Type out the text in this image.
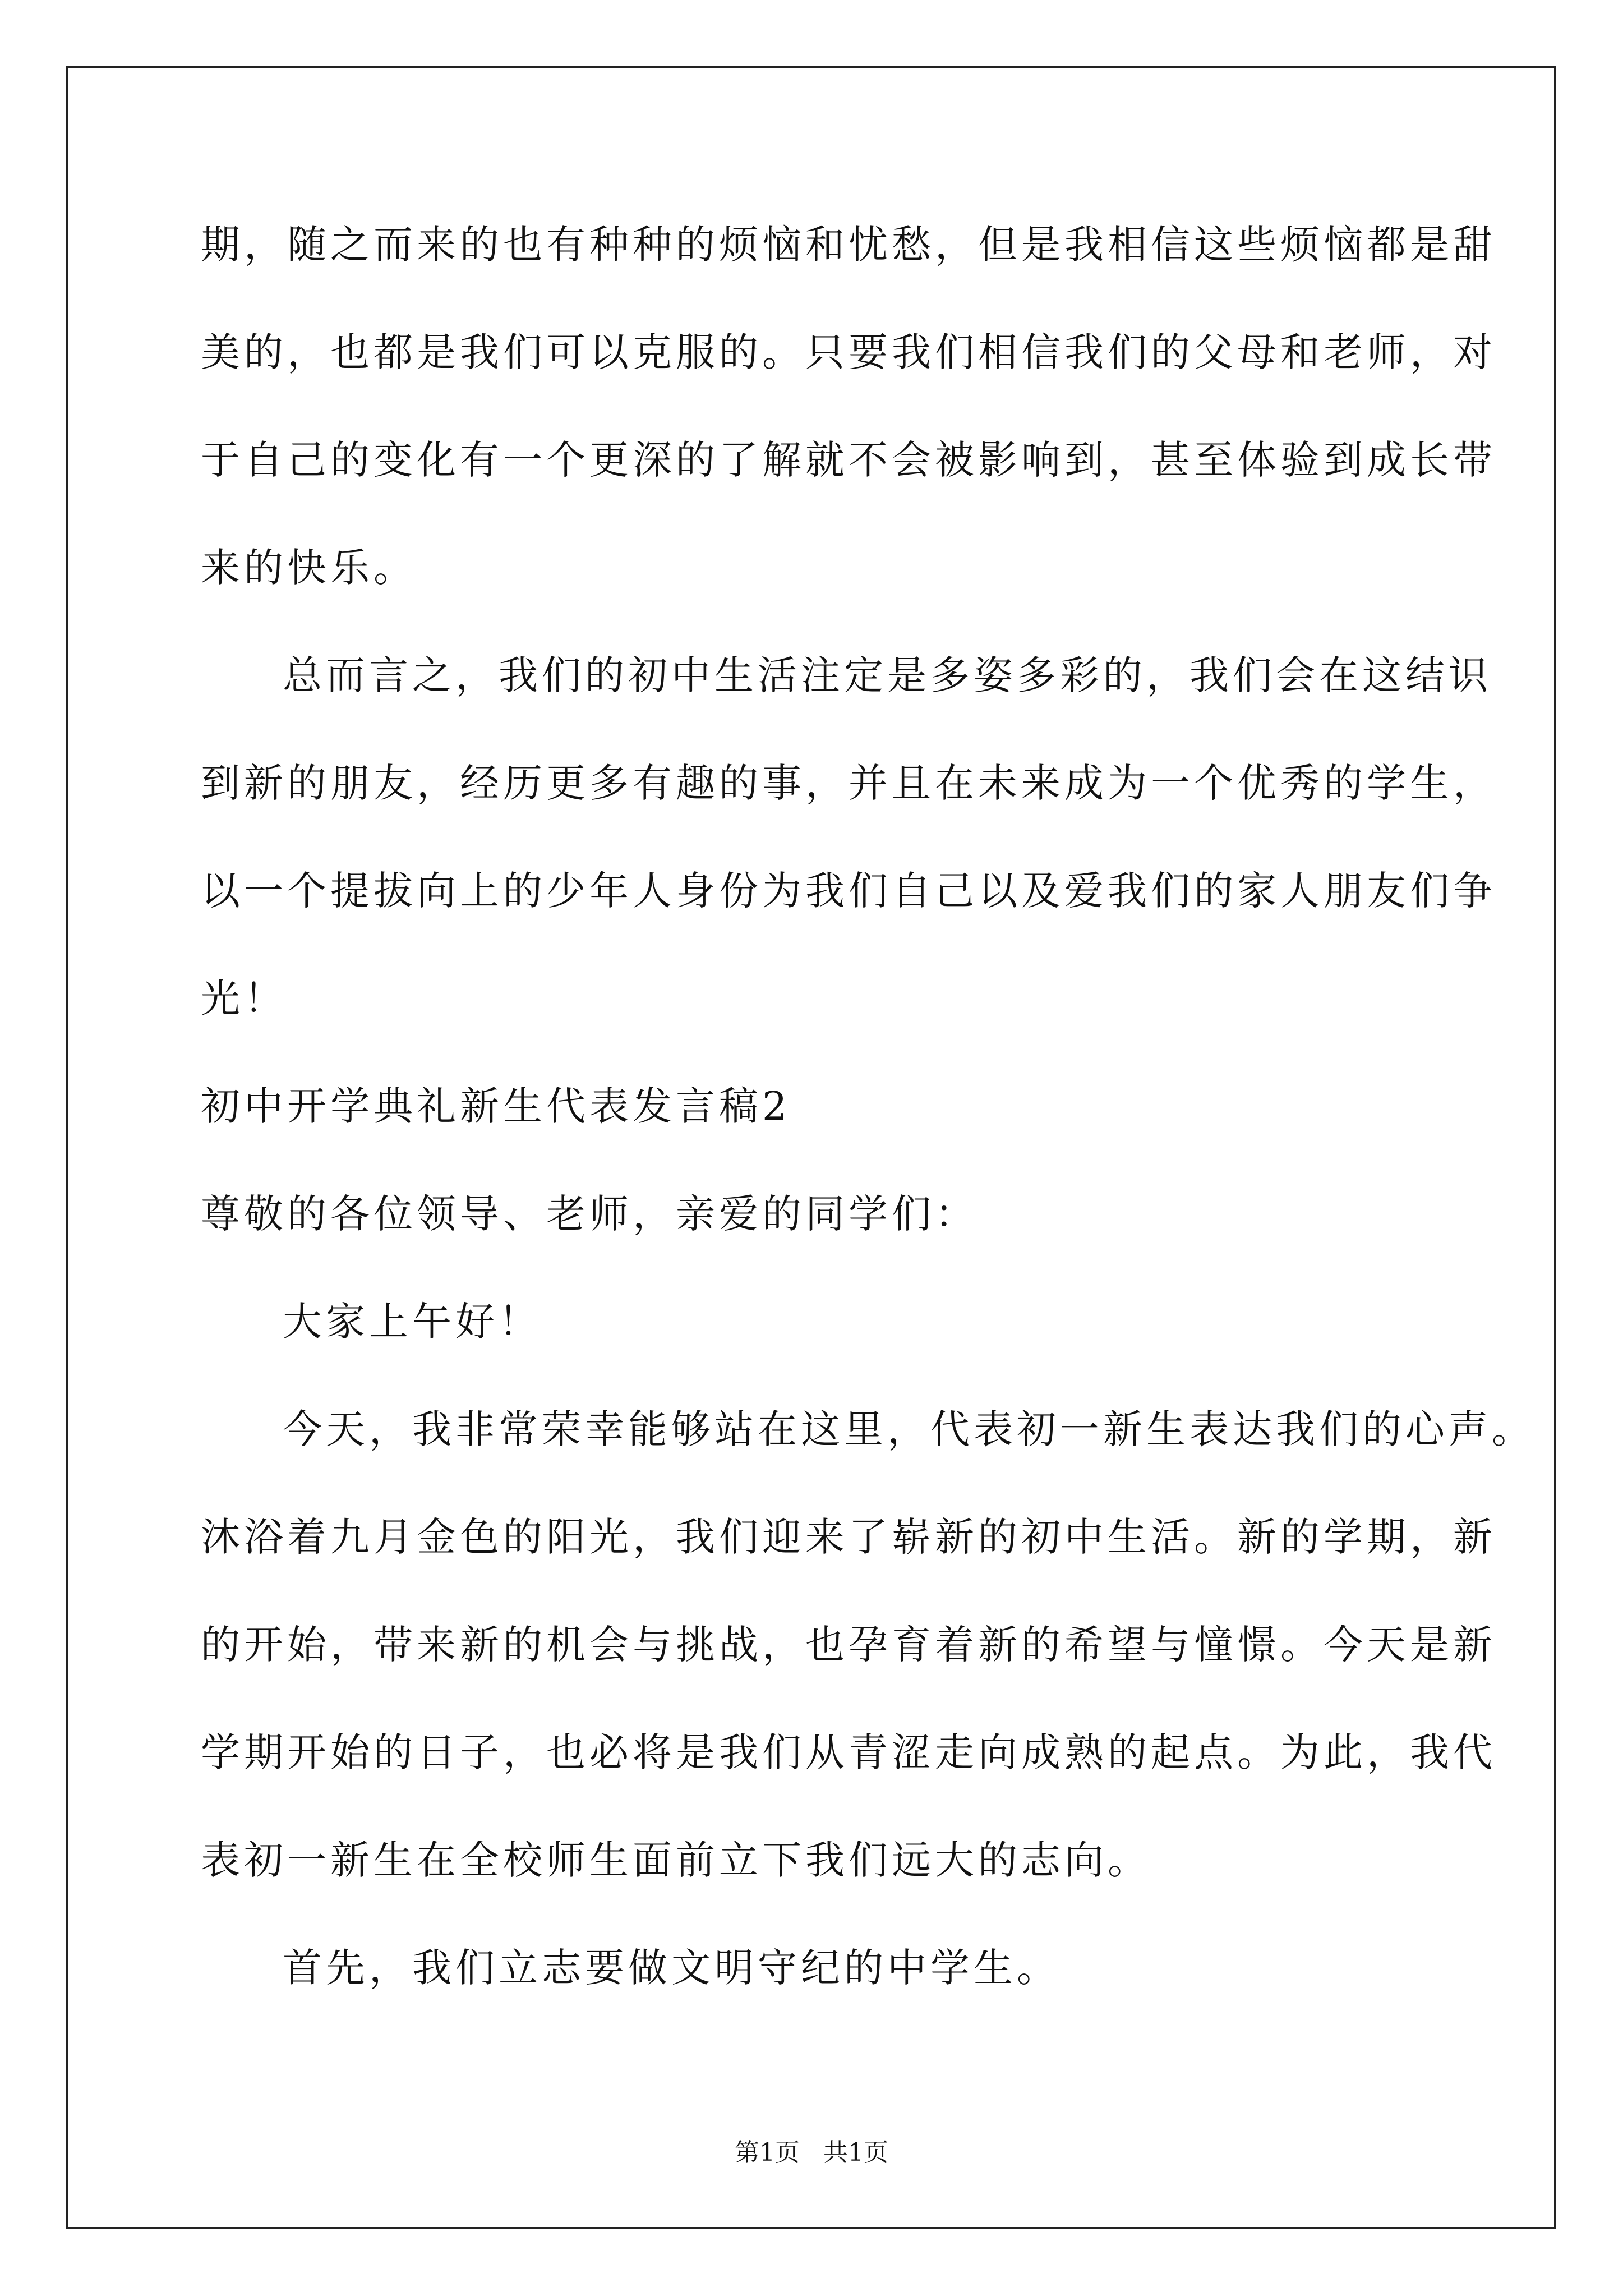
期，随之而来的也有种种的烦恼和忧愁，但是我相信这些烦恼都是甜
美的，也都是我们可以克服的。只要我们相信我们的父母和老师，对
于自己的变化有一个更深的了解就不会被影响到，甚至体验到成长带
来的快乐。
总而言之，我们的初中生活注定是多姿多彩的，我们会在这结识
到新的朋友，经历更多有趣的事，并且在未来成为一个优秀的学生，
以一个提拔向上的少年人身份为我们自己以及爱我们的家人朋友们争
光！
初中开学典礼新生代表发言稿2
尊敬的各位领导、老师，亲爱的同学们：
大家上午好！
今天，我非常荣幸能够站在这里，代表初一新生表达我们的心声。
沐浴着九月金色的阳光，我们迎来了崭新的初中生活。新的学期，新
的开始，带来新的机会与挑战，也孕育着新的希望与憧憬。今天是新
学期开始的日子，也必将是我们从青涩走向成熟的起点。为此，我代
表初一新生在全校师生面前立下我们远大的志向。
首先，我们立志要做文明守纪的中学生。
第1页   共1页
